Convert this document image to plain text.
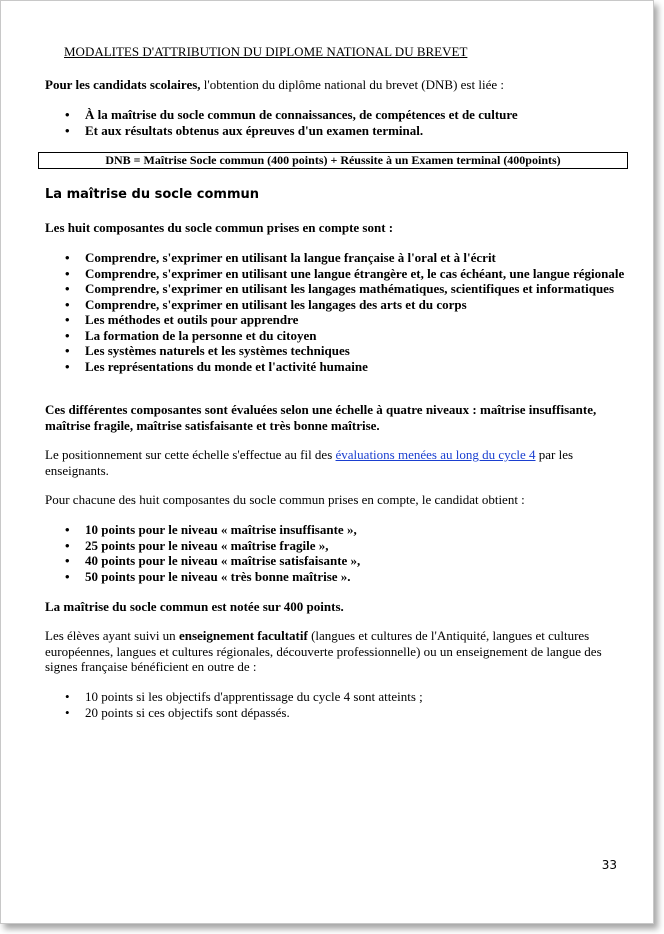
MODALITES D'ATTRIBUTION DU DIPLOME NATIONAL DU BREVET

Pour les candidats scolaires, l'obtention du diplôme national du brevet (DNB) est liée :

• À la maîtrise du socle commun de connaissances, de compétences et de culture
• Et aux résultats obtenus aux épreuves d'un examen terminal.
DNB = Maîtrise Socle commun (400 points) + Réussite à un Examen terminal (400points)
La maîtrise du socle commun

Les huit composantes du socle commun prises en compte sont :

• Comprendre, s'exprimer en utilisant la langue française à l'oral et à l'écrit
• Comprendre, s'exprimer en utilisant une langue étrangère et, le cas échéant, une langue régionale
• Comprendre, s'exprimer en utilisant les langages mathématiques, scientifiques et informatiques
• Comprendre, s'exprimer en utilisant les langages des arts et du corps
• Les méthodes et outils pour apprendre
• La formation de la personne et du citoyen
• Les systèmes naturels et les systèmes techniques
• Les représentations du monde et l'activité humaine

Ces différentes composantes sont évaluées selon une échelle à quatre niveaux : maîtrise insuffisante, maîtrise fragile, maîtrise satisfaisante et très bonne maîtrise.

Le positionnement sur cette échelle s'effectue au fil des évaluations menées au long du cycle 4 par les enseignants.

Pour chacune des huit composantes du socle commun prises en compte, le candidat obtient :

• 10 points pour le niveau « maîtrise insuffisante »,
• 25 points pour le niveau « maîtrise fragile »,
• 40 points pour le niveau « maîtrise satisfaisante »,
• 50 points pour le niveau « très bonne maîtrise ».

La maîtrise du socle commun est notée sur 400 points.

Les élèves ayant suivi un enseignement facultatif (langues et cultures de l'Antiquité, langues et cultures européennes, langues et cultures régionales, découverte professionnelle) ou un enseignement de langue des signes française bénéficient en outre de :

• 10 points si les objectifs d'apprentissage du cycle 4 sont atteints ;
• 20 points si ces objectifs sont dépassés.
33
